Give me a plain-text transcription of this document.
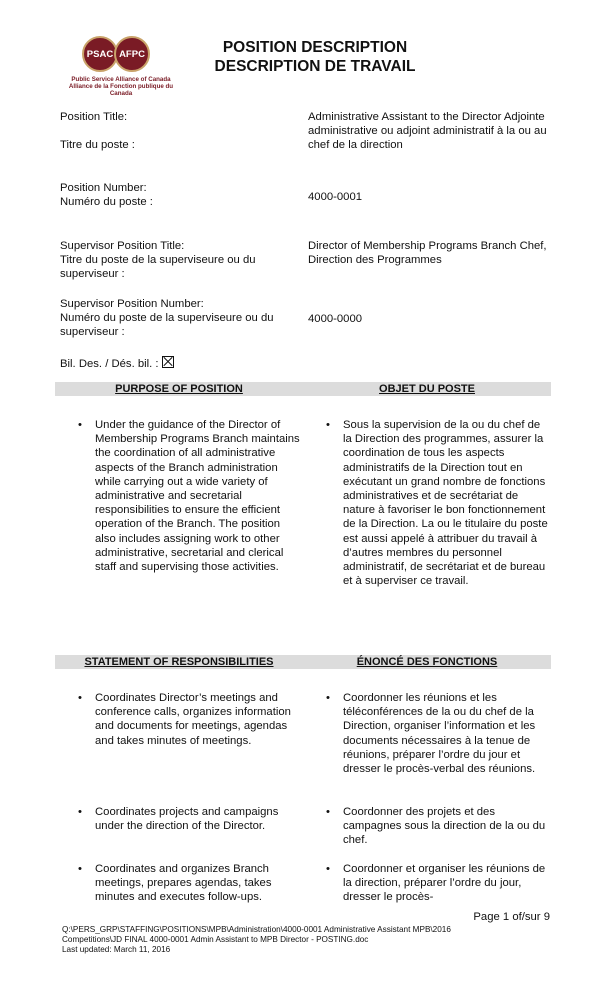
PSAC AFPC
Public Service Alliance of Canada
Alliance de la Fonction publique du Canada
POSITION DESCRIPTION
DESCRIPTION DE TRAVAIL
Position Title:
Titre du poste :
Administrative Assistant to the Director Adjointe administrative ou adjoint administratif à la ou au chef de la direction
Position Number:
Numéro du poste :	4000-0001
Supervisor Position Title:
Titre du poste de la superviseure ou du superviseur :
Director of Membership Programs Branch Chef, Direction des Programmes
Supervisor Position Number:
Numéro du poste de la superviseure ou du superviseur :
4000-0000
Bil. Des. / Dés. bil. :
PURPOSE OF POSITION	OBJET DU POSTE
• Under the guidance of the Director of Membership Programs Branch maintains the coordination of all administrative aspects of the Branch administration while carrying out a wide variety of administrative and secretarial responsibilities to ensure the efficient operation of the Branch. The position also includes assigning work to other administrative, secretarial and clerical staff and supervising those activities.
• Sous la supervision de la ou du chef de la Direction des programmes, assurer la coordination de tous les aspects administratifs de la Direction tout en exécutant un grand nombre de fonctions administratives et de secrétariat de nature à favoriser le bon fonctionnement de la Direction. La ou le titulaire du poste est aussi appelé à attribuer du travail à d’autres membres du personnel administratif, de secrétariat et de bureau et à superviser ce travail.
STATEMENT OF RESPONSIBILITIES	ÉNONCÉ DES FONCTIONS
• Coordinates Director’s meetings and conference calls, organizes information and documents for meetings, agendas and takes minutes of meetings.
• Coordonner les réunions et les téléconférences de la ou du chef de la Direction, organiser l’information et les documents nécessaires à la tenue de réunions, préparer l’ordre du jour et dresser le procès-verbal des réunions.
• Coordinates projects and campaigns under the direction of the Director.
• Coordonner des projets et des campagnes sous la direction de la ou du chef.
• Coordinates and organizes Branch meetings, prepares agendas, takes minutes and executes follow-ups.
• Coordonner et organiser les réunions de la direction, préparer l’ordre du jour, dresser le procès-
Page 1 of/sur 9
Q:\PERS_GRP\STAFFING\POSITIONS\MPB\Administration\4000-0001 Administrative Assistant MPB\2016
Competitions\JD FINAL 4000-0001 Admin Assistant to MPB Director - POSTING.doc
Last updated: March 11, 2016
